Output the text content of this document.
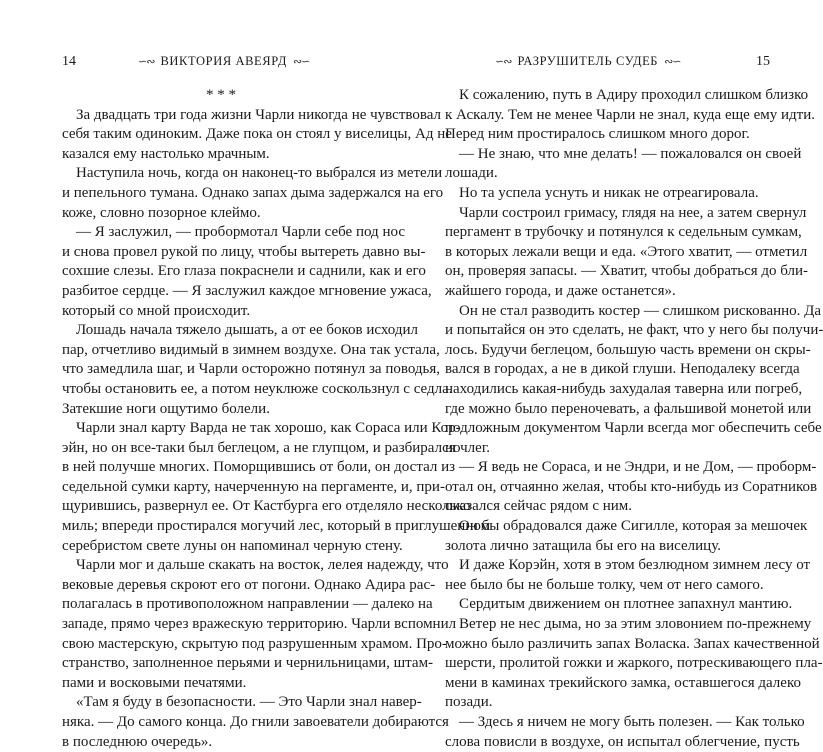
14	∽∾ ВИКТОРИЯ АВЕЯРД ∾∽
* * *
За двадцать три года жизни Чарли никогда не чувствовал
себя таким одиноким. Даже пока он стоял у виселицы, Ад не
казался ему настолько мрачным.
Наступила ночь, когда он наконец-то выбрался из метели
и пепельного тумана. Однако запах дыма задержался на его
коже, словно позорное клеймо.
— Я заслужил, — пробормотал Чарли себе под нос
и снова провел рукой по лицу, чтобы вытереть давно вы-
сохшие слезы. Его глаза покраснели и саднили, как и его
разбитое сердце. — Я заслужил каждое мгновение ужаса,
который со мной происходит.
Лошадь начала тяжело дышать, а от ее боков исходил
пар, отчетливо видимый в зимнем воздухе. Она так устала,
что замедлила шаг, и Чарли осторожно потянул за поводья,
чтобы остановить ее, а потом неуклюже соскользнул с седла.
Затекшие ноги ощутимо болели.
Чарли знал карту Варда не так хорошо, как Сораса или Кор-
эйн, но он все-таки был беглецом, а не глупцом, и разбирался
в ней получше многих. Поморщившись от боли, он достал из
седельной сумки карту, начерченную на пергаменте, и, при-
щурившись, развернул ее. От Кастбурга его отделяло несколько
миль; впереди простирался могучий лес, который в приглушенном
серебристом свете луны он напоминал черную стену.
Чарли мог и дальше скакать на восток, лелея надежду, что
вековые деревья скроют его от погони. Однако Адира рас-
полагалась в противоположном направлении — далеко на
западе, прямо через вражескую территорию. Чарли вспомнил
свою мастерскую, скрытую под разрушенным храмом. Про-
странство, заполненное перьями и чернильницами, штам-
пами и восковыми печатями.
«Там я буду в безопасности. — Это Чарли знал навер-
няка. — До самого конца. До гнили завоеватели добираются
в последнюю очередь».
∽∾ РАЗРУШИТЕЛЬ СУДЕБ ∾∽	15
К сожалению, путь в Адиру проходил слишком близко
к Аскалу. Тем не менее Чарли не знал, куда еще ему идти.
Перед ним простиралось слишком много дорог.
— Не знаю, что мне делать! — пожаловался он своей
лошади.
Но та успела уснуть и никак не отреагировала.
Чарли состроил гримасу, глядя на нее, а затем свернул
пергамент в трубочку и потянулся к седельным сумкам,
в которых лежали вещи и еда. «Этого хватит, — отметил
он, проверяя запасы. — Хватит, чтобы добраться до бли-
жайшего города, и даже останется».
Он не стал разводить костер — слишком рискованно. Да
и попытайся он это сделать, не факт, что у него бы получи-
лось. Будучи беглецом, большую часть времени он скры-
вался в городах, а не в дикой глуши. Неподалеку всегда
находились какая-нибудь захудалая таверна или погреб,
где можно было переночевать, а фальшивой монетой или
подложным документом Чарли всегда мог обеспечить себе
ночлег.
— Я ведь не Сораса, и не Эндри, и не Дом, — проборм-
отал он, отчаянно желая, чтобы кто-нибудь из Соратников
оказался сейчас рядом с ним.
Он бы обрадовался даже Сигилле, которая за мешочек
золота лично затащила бы его на виселицу.
И даже Корэйн, хотя в этом безлюдном зимнем лесу от
нее было бы не больше толку, чем от него самого.
Сердитым движением он плотнее запахнул мантию.
Ветер не нес дыма, но за этим зловонием по-прежнему
можно было различить запах Воласка. Запах качественной
шерсти, пролитой гожки и жаркого, потрескивающего пла-
мени в каминах трекийского замка, оставшегося далеко
позади.
— Здесь я ничем не могу быть полезен. — Как только
слова повисли в воздухе, он испытал облегчение, пусть
